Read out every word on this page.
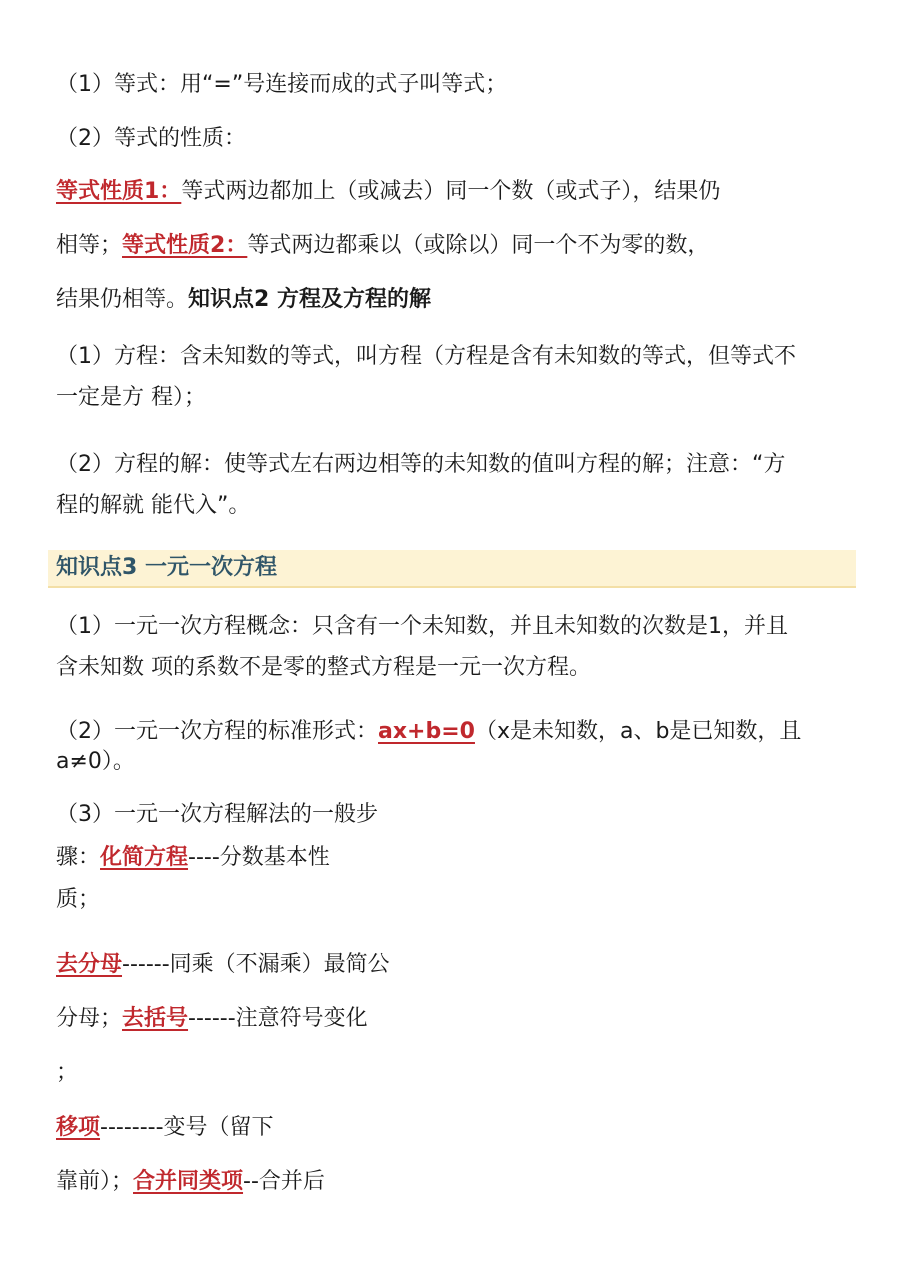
（1）等式：用“=”号连接而成的式子叫等式；
（2）等式的性质：
等式性质1：等式两边都加上（或减去）同一个数（或式子），结果仍
相等；等式性质2：等式两边都乘以（或除以）同一个不为零的数，
结果仍相等。知识点2 方程及方程的解
（1）方程：含未知数的等式，叫方程（方程是含有未知数的等式，但等式不
一定是方 程）；
（2）方程的解：使等式左右两边相等的未知数的值叫方程的解；注意：“方
程的解就 能代入”。
知识点3 一元一次方程
（1）一元一次方程概念：只含有一个未知数，并且未知数的次数是1，并且
含未知数 项的系数不是零的整式方程是一元一次方程。
（2）一元一次方程的标准形式：ax+b=0（x是未知数，a、b是已知数，且
a≠0）。
（3）一元一次方程解法的一般步
骤：化简方程----分数基本性
质；
去分母------同乘（不漏乘）最简公
分母；去括号------注意符号变化
；
移项--------变号（留下
靠前）；合并同类项--合并后
